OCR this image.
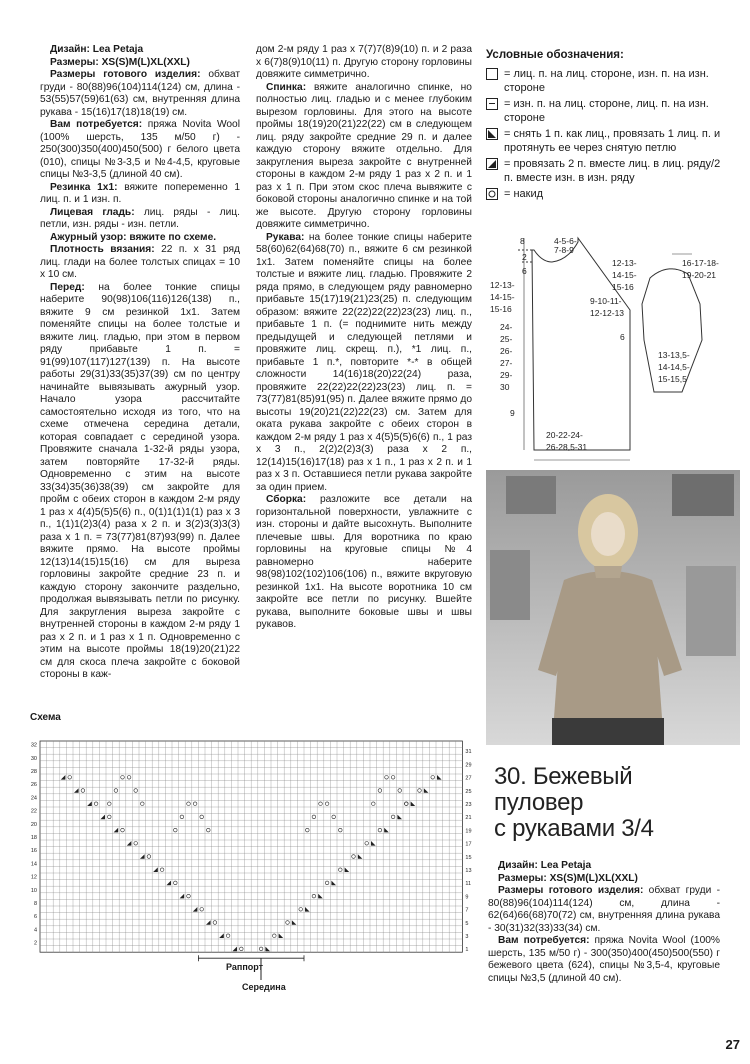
Дизайн: Lea Petaja

Размеры: XS(S)M(L)XL(XXL)

Размеры готового изделия: обхват груди - 80(88)96(104)114(124) см, длина - 53(55)57(59)61(63) см, внутренняя длина рукава - 15(16)17(18)18(19) см.

Вам потребуется: пряжа Novita Wool (100% шерсть, 135 м/50 г) - 250(300)350(400)450(500) г белого цвета (010), спицы №3-3,5 и №4-4,5, круговые спицы №3-3,5 (длиной 40 см).

Резинка 1х1: вяжите попеременно 1 лиц. п. и 1 изн. п.

Лицевая гладь: лиц. ряды - лиц. петли, изн. ряды - изн. петли.

Ажурный узор: вяжите по схеме.

Плотность вязания: 22 п. х 31 ряд лиц. глади на более толстых спицах = 10 х 10 см.

Перед: на более тонкие спицы наберите 90(98)106(116)126(138) п., вяжите 9 см резинкой 1х1. Затем поменяйте спицы на более толстые и вяжите лиц. гладью, при этом в первом ряду прибавьте 1 п. = 91(99)107(117)127(139) п. На высоте работы 29(31)33(35)37(39) см по центру начинайте вывязывать ажурный узор. Начало узора рассчитайте самостоятельно исходя из того, что на схеме отмечена середина детали, которая совпадает с серединой узора. Провяжите сначала 1-32-й ряды узора, затем повторяйте 17-32-й ряды. Одновременно с этим на высоте 33(34)35(36)38(39) см закройте для пройм с обеих сторон в каждом 2-м ряду 1 раз х 4(4)5(5)5(6) п., 0(1)1(1)1(1) раз х 3 п., 1(1)1(2)3(4) раза х 2 п. и 3(2)3(3)3(3) раза х 1 п. = 73(77)81(87)93(99) п. Далее вяжите прямо. На высоте проймы 12(13)14(15)15(16) см для выреза горловины закройте средние 23 п. и каждую сторону закончите раздельно, продолжая вывязывать петли по рисунку. Для закругления выреза закройте с внутренней стороны в каждом 2-м ряду 1 раз х 2 п. и 1 раз х 1 п. Одновременно с этим на высоте проймы 18(19)20(21)22 см для скоса плеча закройте с боковой стороны в каж-

дом 2-м ряду 1 раз х 7(7)7(8)9(10) п. и 2 раза х 6(7)8(9)10(11) п. Другую сторону горловины довяжите симметрично.

Спинка: вяжите аналогично спинке, но полностью лиц. гладью и с менее глубоким вырезом горловины. Для этого на высоте проймы 18(19)20(21)22(22) см в следующем лиц. ряду закройте средние 29 п. и далее каждую сторону вяжите отдельно. Для закругления выреза закройте с внутренней стороны в каждом 2-м ряду 1 раз х 2 п. и 1 раз х 1 п. При этом скос плеча вывяжите с боковой стороны аналогично спинке и на той же высоте. Другую сторону горловины довяжите симметрично.

Рукава: на более тонкие спицы наберите 58(60)62(64)68(70) п., вяжите 6 см резинкой 1х1. Затем поменяйте спицы на более толстые и вяжите лиц. гладью. Провяжите 2 ряда прямо, в следующем ряду равномерно прибавьте 15(17)19(21)23(25) п. следующим образом: вяжите 22(22)22(22)23(23) лиц. п., прибавьте 1 п. (= поднимите нить между предыдущей и следующей петлями и провяжите лиц. скрещ. п.), *1 лиц. п., прибавьте 1 п.*, повторите *-* в общей сложности 14(16)18(20)22(24) раза, провяжите 22(22)22(22)23(23) лиц. п. = 73(77)81(85)91(95) п. Далее вяжите прямо до высоты 19(20)21(22)22(23) см. Затем для оката рукава закройте с обеих сторон в каждом 2-м ряду 1 раз х 4(5)5(5)6(6) п., 1 раз х 3 п., 2(2)2(2)3(3) раза х 2 п., 12(14)15(16)17(18) раз х 1 п., 1 раз х 2 п. и 1 раз х 3 п. Оставшиеся петли рукава закройте за один прием.

Сборка: разложите все детали на горизонтальной поверхности, увлажните с изн. стороны и дайте высохнуть. Выполните плечевые швы. Для воротника по краю горловины на круговые спицы №4 равномерно наберите 98(98)102(102)106(106) п., вяжите вкруговую резинкой 1х1. На высоте воротника 10 см закройте все петли по рисунку. Вшейте рукава, выполните боковые швы и швы рукавов.

Условные обозначения:
= лиц. п. на лиц. стороне, изн. п. на изн. стороне
= изн. п. на лиц. стороне, лиц. п. на изн. стороне
= снять 1 п. как лиц., провязать 1 лиц. п. и протянуть ее через снятую петлю
= провязать 2 п. вместе лиц. в лиц. ряду/2 п. вместе изн. в изн. ряду
= накид
4-5-6-
7-8-9
8
2
6
12-13-
14-15-
15-16
24-
25-
26-
27-
29-
30
9
20-22-24-
26-28,5-31
16-17-18-
19-20-21
12-13-
14-15-
15-16
9-10-11-
12-12-13
6
13-13,5-
14-14,5-
15-15,5
Схема
1
2
3
4
5
6
7
8
9
10
11
12
13
14
15
16
17
18
19
20
21
22
23
24
25
26
27
28
29
30
31
32
Раппорт
Середина
30. Бежевый
пуловер
с рукавами 3/4

Дизайн: Lea Petaja

Размеры: XS(S)M(L)XL(XXL)

Размеры готового изделия: обхват груди - 80(88)96(104)114(124) см, длина - 62(64)66(68)70(72) см, внутренняя длина рукава - 30(31)32(33)33(34) см.

Вам потребуется: пряжа Novita Wool (100% шерсть, 135 м/50 г) - 300(350)400(450)500(550) г бежевого цвета (624), спицы №3,5-4, круговые спицы №3,5 (длиной 40 см).

27
